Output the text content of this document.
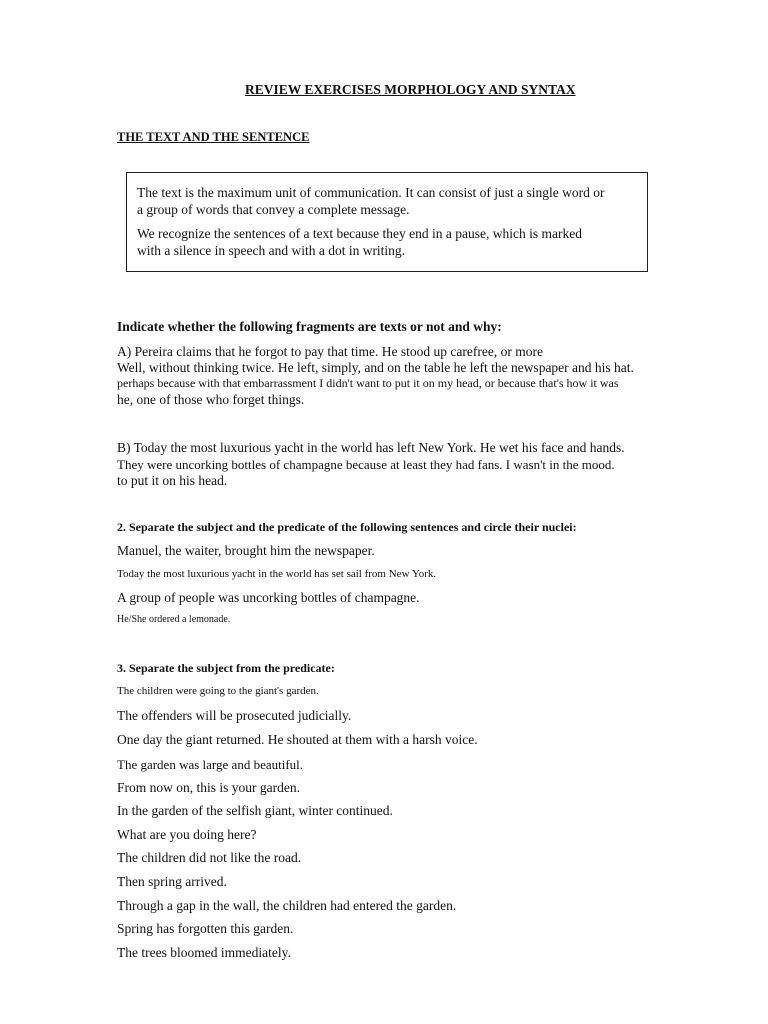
REVIEW EXERCISES MORPHOLOGY AND SYNTAX
THE TEXT AND THE SENTENCE

The text is the maximum unit of communication. It can consist of just a single word or a group of words that convey a complete message.

We recognize the sentences of a text because they end in a pause, which is marked with a silence in speech and with a dot in writing.

Indicate whether the following fragments are texts or not and why:
A) Pereira claims that he forgot to pay that time. He stood up carefree, or more
Well, without thinking twice. He left, simply, and on the table he left the newspaper and his hat.
perhaps because with that embarrassment I didn't want to put it on my head, or because that's how it was
he, one of those who forget things.
B) Today the most luxurious yacht in the world has left New York. He wet his face and hands.
They were uncorking bottles of champagne because at least they had fans. I wasn't in the mood.
to put it on his head.
2. Separate the subject and the predicate of the following sentences and circle their nuclei:
Manuel, the waiter, brought him the newspaper.
Today the most luxurious yacht in the world has set sail from New York.
A group of people was uncorking bottles of champagne.
He/She ordered a lemonade.
3. Separate the subject from the predicate:
The children were going to the giant's garden.
The offenders will be prosecuted judicially.
One day the giant returned. He shouted at them with a harsh voice.
The garden was large and beautiful.
From now on, this is your garden.
In the garden of the selfish giant, winter continued.
What are you doing here?
The children did not like the road.
Then spring arrived.
Through a gap in the wall, the children had entered the garden.
Spring has forgotten this garden.
The trees bloomed immediately.
